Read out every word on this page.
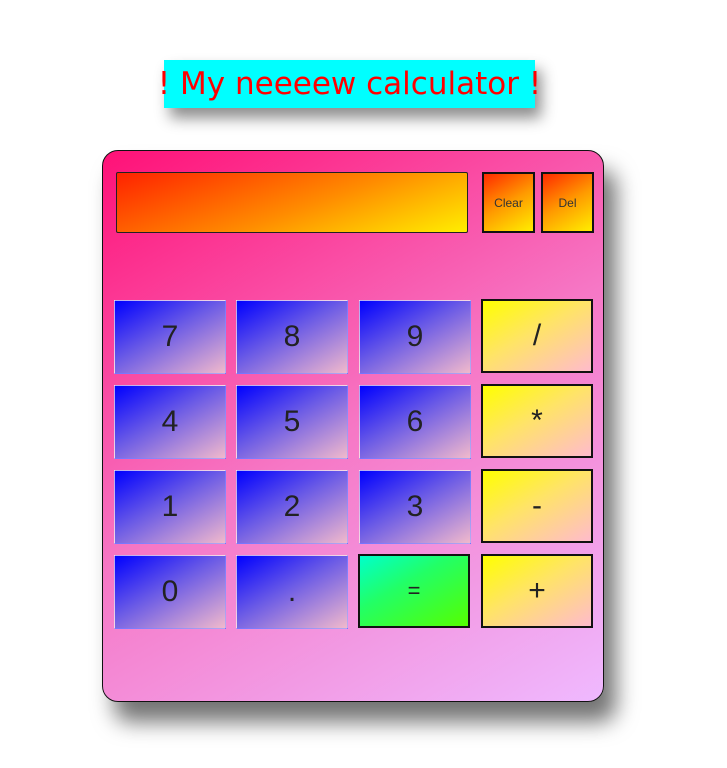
! My neeeew calculator !
Clear	Del
7	8	9	/
4	5	6	*
1	2	3	-
0	.	=	+
